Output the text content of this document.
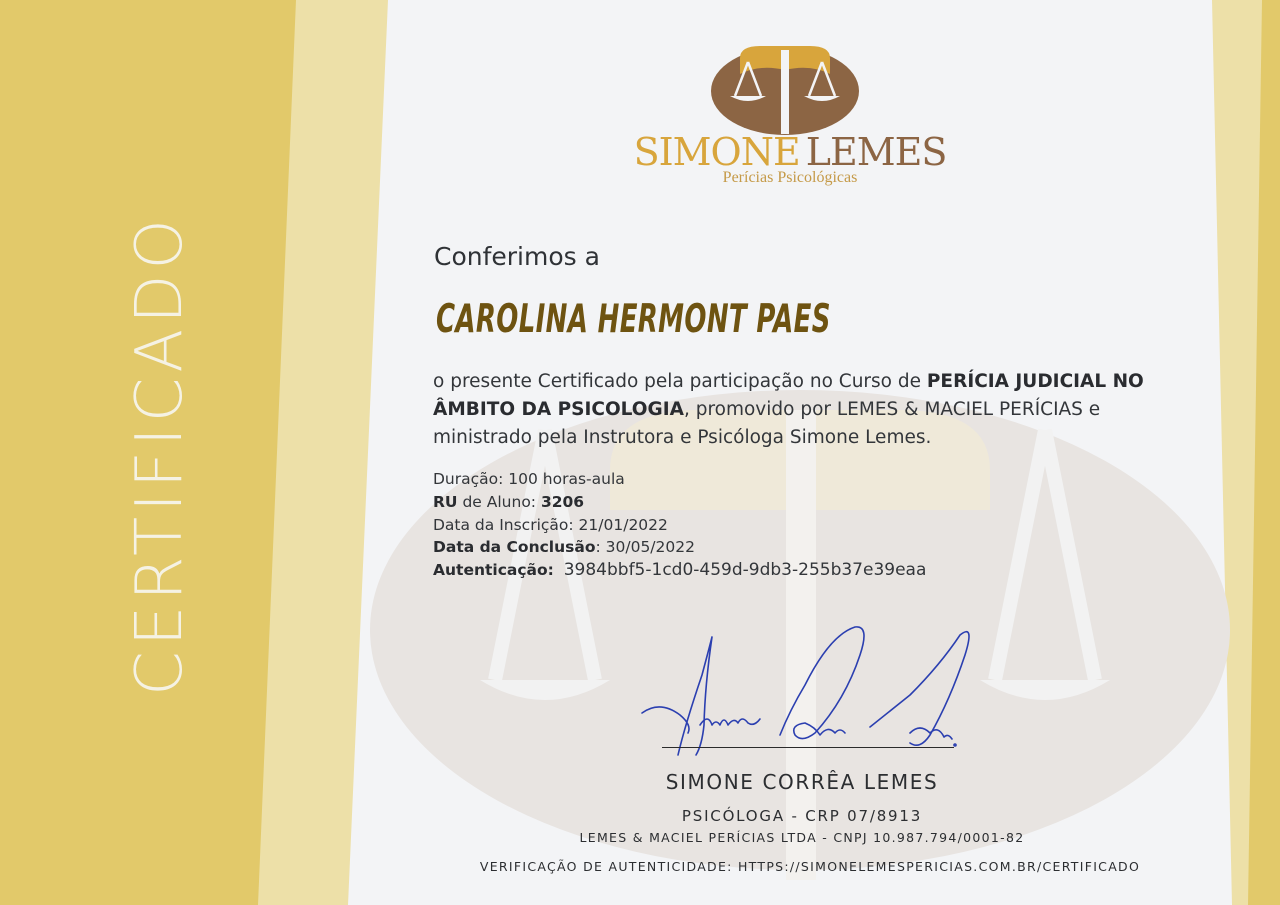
CERTIFICADO
SIMONE LEMES
Perícias Psicológicas
Conferimos a
CAROLINA HERMONT PAES
o presente Certificado pela participação no Curso de PERÍCIA JUDICIAL NO ÂMBITO DA PSICOLOGIA, promovido por LEMES & MACIEL PERÍCIAS e ministrado pela Instrutora e Psicóloga Simone Lemes.
Duração: 100 horas-aula
RU de Aluno: 3206
Data da Inscrição: 21/01/2022
Data da Conclusão: 30/05/2022
Autenticação: 3984bbf5-1cd0-459d-9db3-255b37e39eaa
SIMONE CORRÊA LEMES
PSICÓLOGA - CRP 07/8913
LEMES & MACIEL PERÍCIAS LTDA - CNPJ 10.987.794/0001-82
VERIFICAÇÃO DE AUTENTICIDADE: HTTPS://SIMONELEMESPERICIAS.COM.BR/CERTIFICADO
